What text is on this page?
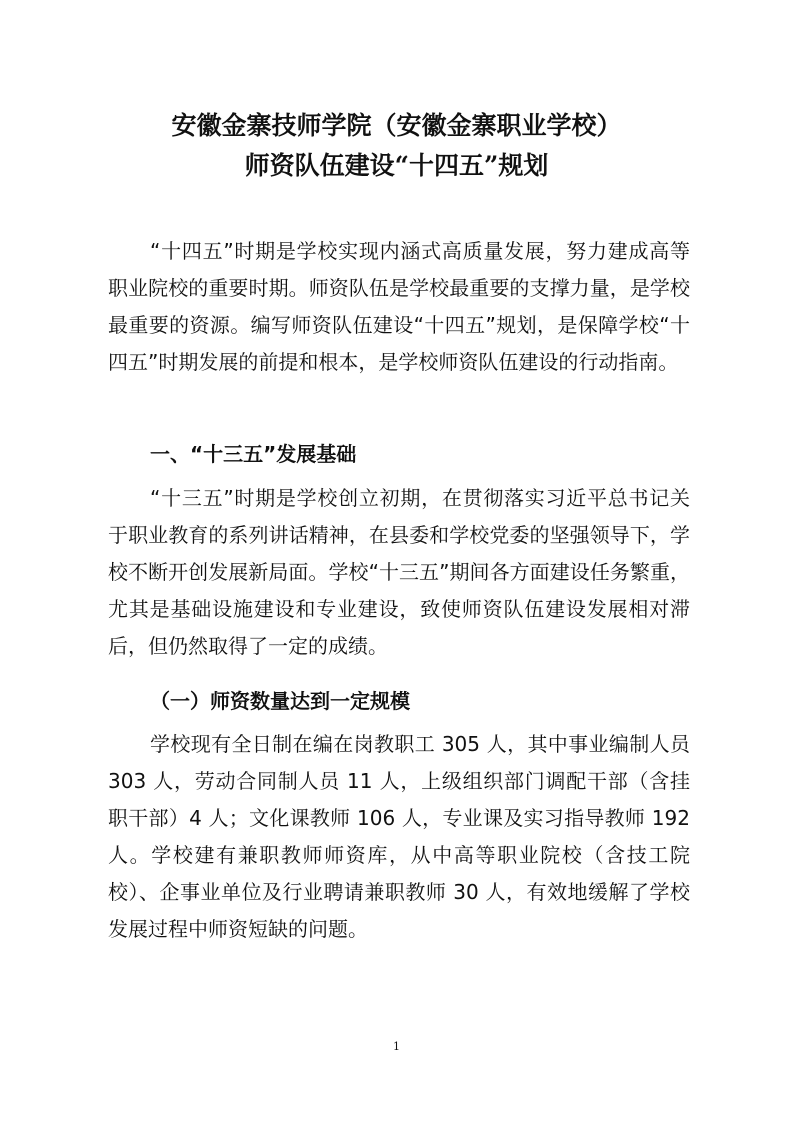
安徽金寨技师学院（安徽金寨职业学校）
师资队伍建设“十四五”规划

“十四五”时期是学校实现内涵式高质量发展，努力建成高等职业院校的重要时期。师资队伍是学校最重要的支撑力量，是学校最重要的资源。编写师资队伍建设“十四五”规划，是保障学校“十四五”时期发展的前提和根本，是学校师资队伍建设的行动指南。

一、“十三五”发展基础

“十三五”时期是学校创立初期，在贯彻落实习近平总书记关于职业教育的系列讲话精神，在县委和学校党委的坚强领导下，学校不断开创发展新局面。学校“十三五”期间各方面建设任务繁重，尤其是基础设施建设和专业建设，致使师资队伍建设发展相对滞后，但仍然取得了一定的成绩。

（一）师资数量达到一定规模

学校现有全日制在编在岗教职工 305 人，其中事业编制人员 303 人，劳动合同制人员 11 人，上级组织部门调配干部（含挂职干部）4 人；文化课教师 106 人，专业课及实习指导教师 192 人。学校建有兼职教师师资库，从中高等职业院校（含技工院校）、企事业单位及行业聘请兼职教师 30 人，有效地缓解了学校发展过程中师资短缺的问题。

1
